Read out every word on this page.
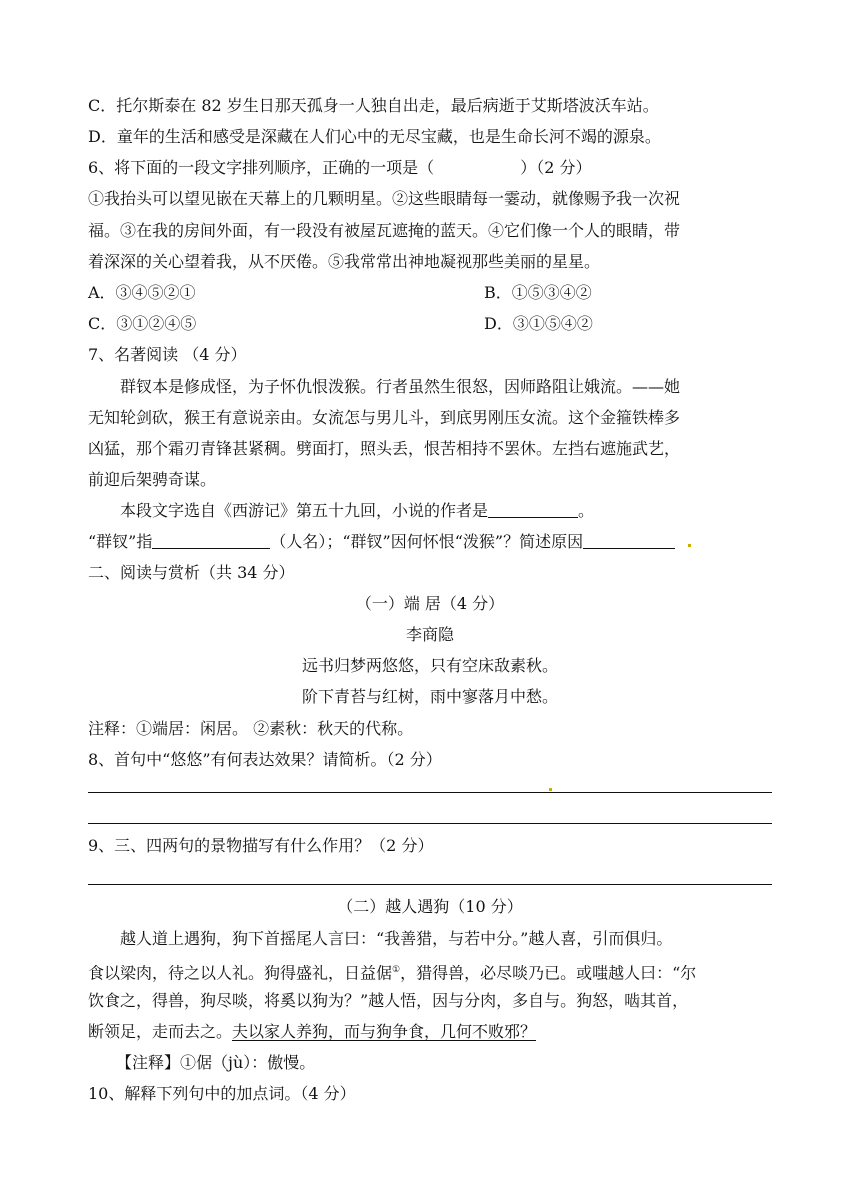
C．托尔斯泰在 82 岁生日那天孤身一人独自出走，最后病逝于艾斯塔波沃车站。
D．童年的生活和感受是深藏在人们心中的无尽宝藏，也是生命长河不竭的源泉。
6、将下面的一段文字排列顺序，正确的一项是（	）（2 分）
①我抬头可以望见嵌在天幕上的几颗明星。②这些眼睛每一霎动，就像赐予我一次祝
福。③在我的房间外面，有一段没有被屋瓦遮掩的蓝天。④它们像一个人的眼睛，带
着深深的关心望着我，从不厌倦。⑤我常常出神地凝视那些美丽的星星。
A．③④⑤②①	B．①⑤③④②
C．③①②④⑤	D．③①⑤④②
7、名著阅读 （4 分）
群钗本是修成怪，为子怀仇恨泼猴。行者虽然生很怒，因师路阻让娥流。——她
无知轮剑砍，猴王有意说亲由。女流怎与男儿斗，到底男刚压女流。这个金箍铁棒多
凶猛，那个霜刃青锋甚紧稠。劈面打，照头丢，恨苦相持不罢休。左挡右遮施武艺，
前迎后架骋奇谋。
本段文字选自《西游记》第五十九回，小说的作者是	。
“群钗”指	（人名）；“群钗”因何怀恨“泼猴”？简述原因
二、阅读与赏析（共 34 分）
（一）端 居（4 分）
李商隐
远书归梦两悠悠，只有空床敌素秋。
阶下青苔与红树，雨中寥落月中愁。
注释：①端居：闲居。 ②素秋：秋天的代称。
8、首句中“悠悠”有何表达效果？请简析。（2 分）
9、三、四两句的景物描写有什么作用？（2 分）
（二）越人遇狗（10 分）
越人道上遇狗，狗下首摇尾人言曰：“我善猎，与若中分。”越人喜，引而俱归。
食以梁肉，待之以人礼。狗得盛礼，日益倨①，猎得兽，必尽啖乃已。或嗤越人曰：“尔
饮食之，得兽，狗尽啖，将奚以狗为？”越人悟，因与分肉，多自与。狗怒，啮其首，
断领足，走而去之。夫以家人养狗，而与狗争食，几何不败邪？
【注释】①倨（jù）：傲慢。
10、解释下列句中的加点词。（4 分）
